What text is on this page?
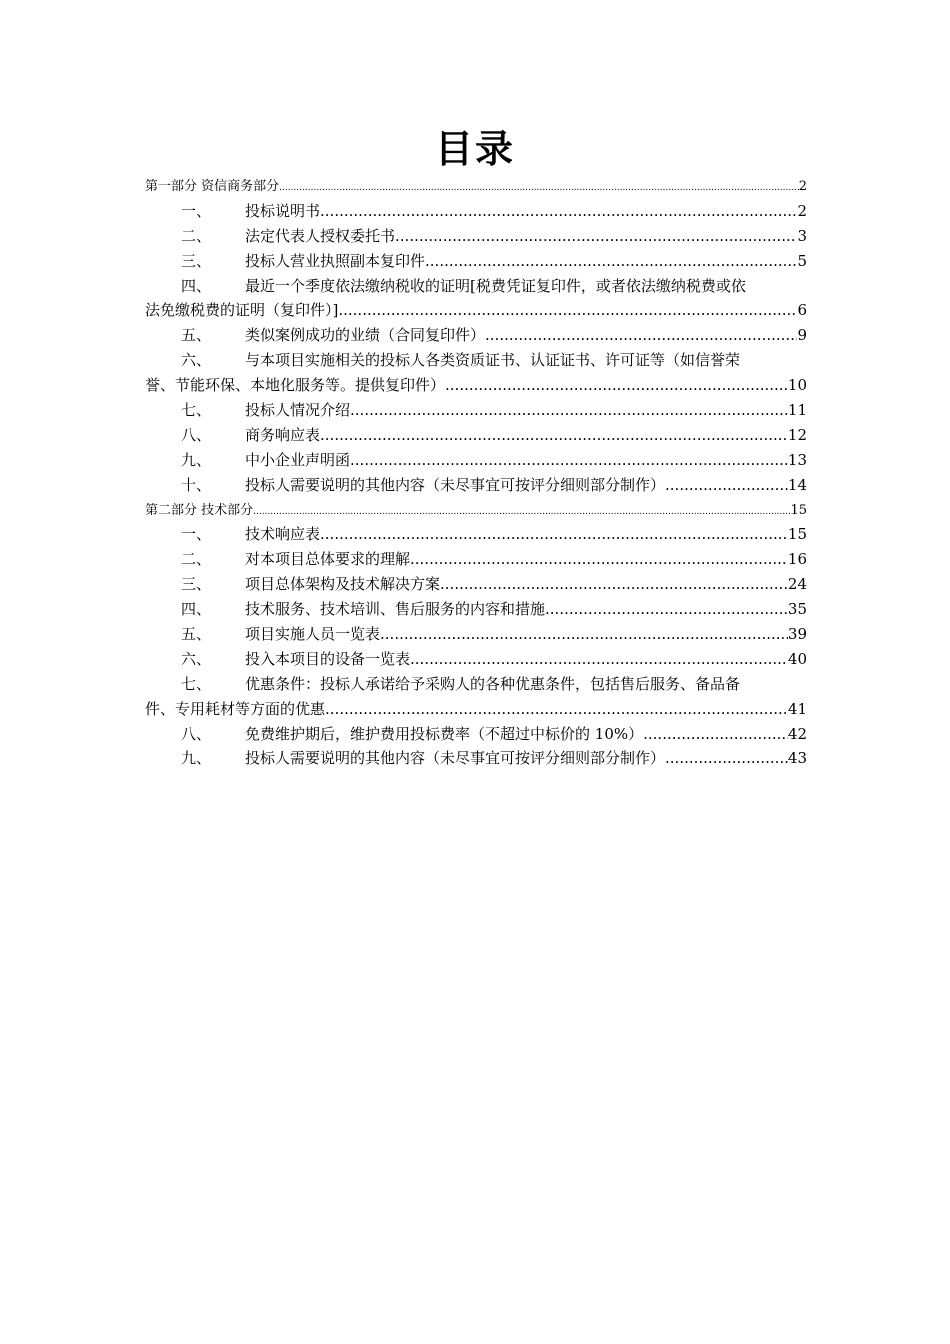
目录
第一部分 资信商务部分 .....	2
一、	投标说明书 .....	2
二、	法定代表人授权委托书 .....	3
三、	投标人营业执照副本复印件 .....	5
四、	最近一个季度依法缴纳税收的证明[税费凭证复印件，或者依法缴纳税费或依
法免缴税费的证明（复印件）] .....	6
五、	类似案例成功的业绩（合同复印件） .....	9
六、	与本项目实施相关的投标人各类资质证书、认证证书、许可证等（如信誉荣
誉、节能环保、本地化服务等。提供复印件） .....	10
七、	投标人情况介绍 .....	11
八、	商务响应表 .....	12
九、	中小企业声明函 .....	13
十、	投标人需要说明的其他内容（未尽事宜可按评分细则部分制作） .....	14
第二部分 技术部分 .....	15
一、	技术响应表 .....	15
二、	对本项目总体要求的理解 .....	16
三、	项目总体架构及技术解决方案 .....	24
四、	技术服务、技术培训、售后服务的内容和措施 .....	35
五、	项目实施人员一览表 .....	39
六、	投入本项目的设备一览表 .....	40
七、	优惠条件：投标人承诺给予采购人的各种优惠条件，包括售后服务、备品备
件、专用耗材等方面的优惠 .....	41
八、	免费维护期后，维护费用投标费率（不超过中标价的 10%） .....	42
九、	投标人需要说明的其他内容（未尽事宜可按评分细则部分制作） .....	43
